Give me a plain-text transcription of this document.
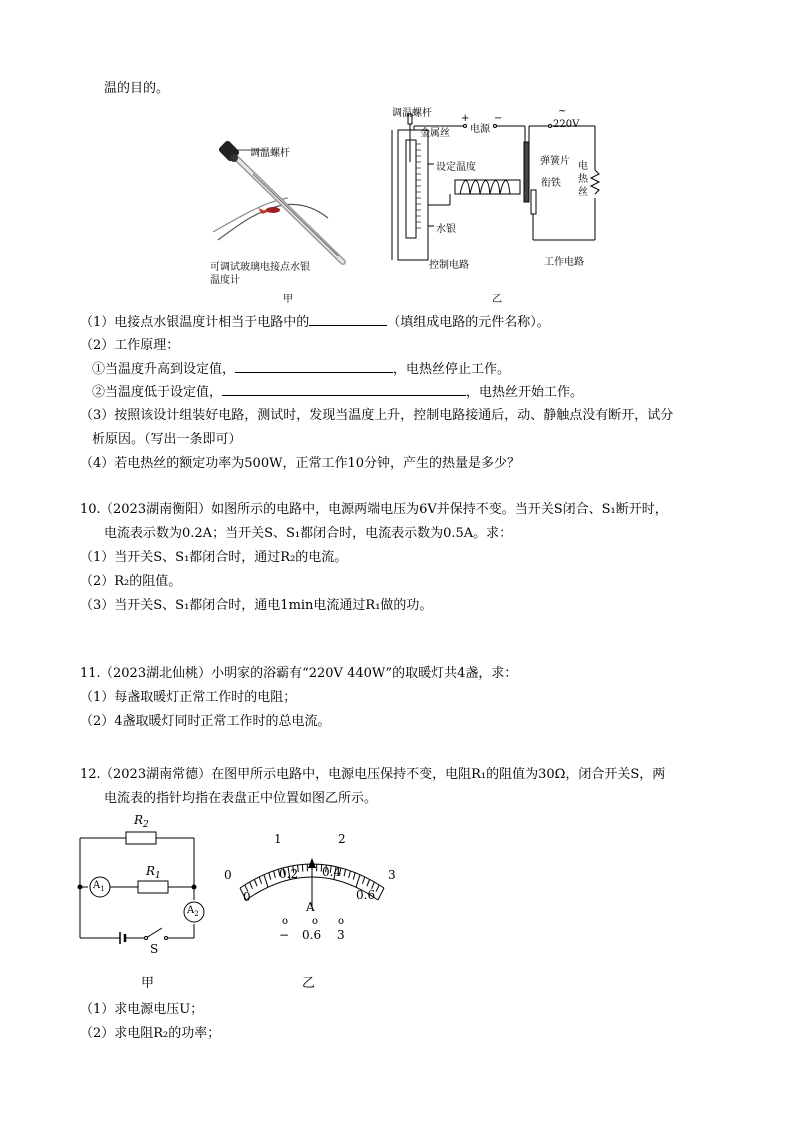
温的目的。
调温螺杆
可调试玻璃电接点水银
温度计
甲
调温螺杆
金属丝
+
电源
−
~
220V
设定温度
水银
弹簧片
衔铁
电
热
丝
控制电路	工作电路
乙
（1）电接点水银温度计相当于电路中的	（填组成电路的元件名称）。
（2）工作原理：
①当温度升高到设定值，	，电热丝停止工作。
②当温度低于设定值，	，电热丝开始工作。
（3）按照该设计组装好电路，测试时，发现当温度上升，控制电路接通后，动、静触点没有断开，试分
析原因。（写出一条即可）
（4）若电热丝的额定功率为500W，正常工作10分钟，产生的热量是多少？
10. （2023湖南衡阳）如图所示的电路中，电源两端电压为6V并保持不变。当开关S闭合、S₁断开时，
电流表示数为0.2A；当开关S、S₁都闭合时，电流表示数为0.5A。求：
（1）当开关S、S₁都闭合时，通过R₂的电流。
（2）R₂的阻值。
（3）当开关S、S₁都闭合时，通电1min电流通过R₁做的功。
11. （2023湖北仙桃）小明家的浴霸有“220V 440W”的取暖灯共4盏，求：
（1）每盏取暖灯正常工作时的电阻；
（2）4盏取暖灯同时正常工作时的总电流。
12. （2023湖南常德）在图甲所示电路中，电源电压保持不变，电阻R₁的阻值为30Ω，闭合开关S，两
电流表的指针均指在表盘正中位置如图乙所示。
$R_2$
$R_1$
$A_1$
$A_2$
S
甲
0
1	2
3
0
0.2 0.4
0.6
A
o o o
− 0.6 3
乙
（1）求电源电压U；
（2）求电阻R₂的功率；
